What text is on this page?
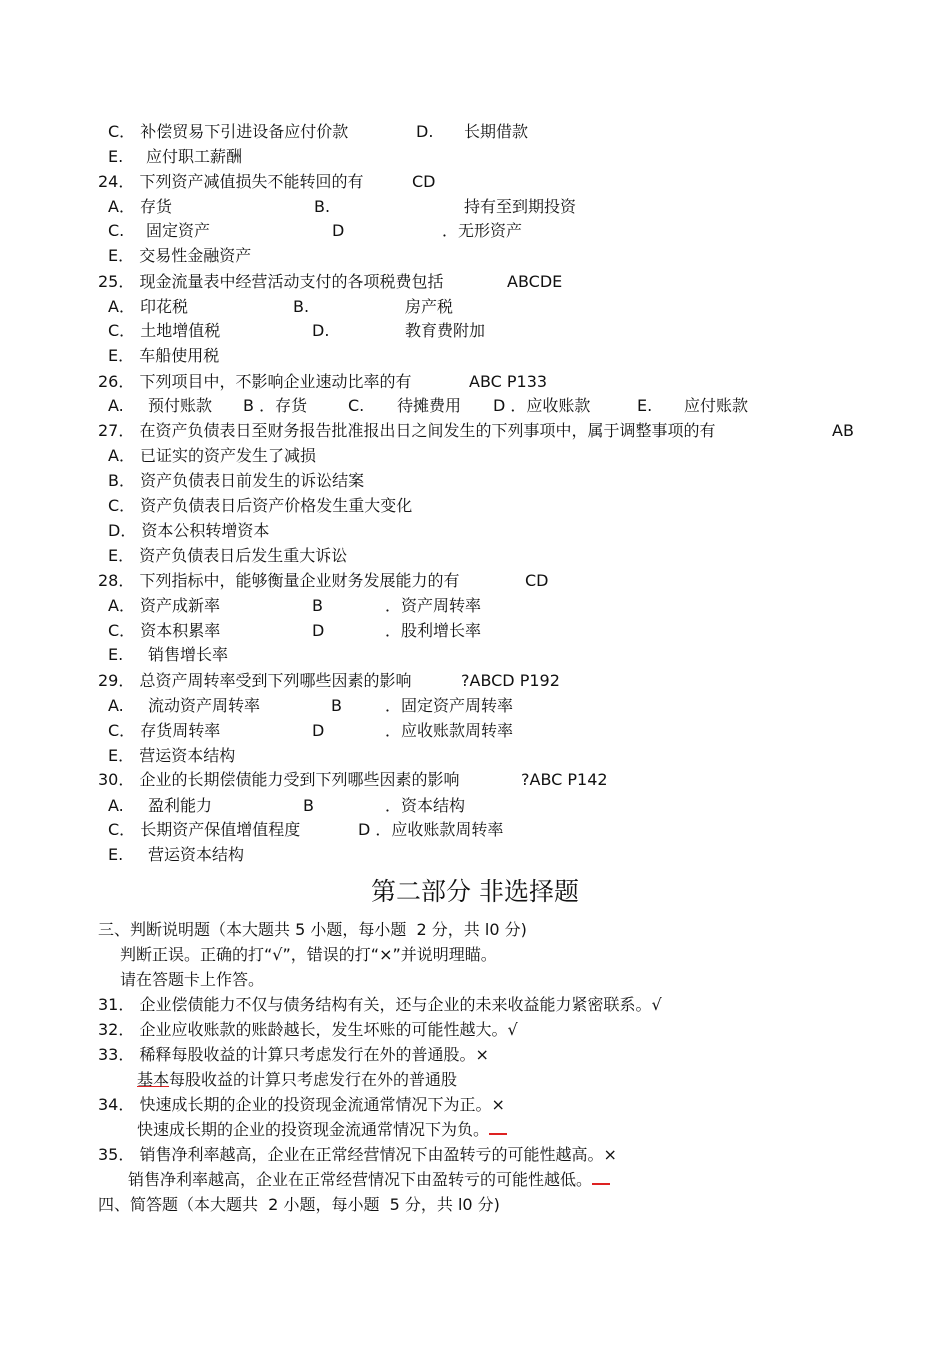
C． 补偿贸易下引进设备应付价款	D. 长期借款
E. 应付职工薪酬
24． 下列资产减值损失不能转回的有	CD
A． 存货	B.	持有至到期投资
C. 固定资产	D	．无形资产
E． 交易性金融资产
25． 现金流量表中经营活动支付的各项税费包括	ABCDE
A． 印花税	B.	房产税
C． 土地增值税	D.	教育费附加
E． 车船使用税
26． 下列项目中，不影响企业速动比率的有	ABC P133
A. 预付账款 B ．存货	C. 待摊费用 D ．应收账款	E. 应付账款
27． 在资产负债表日至财务报告批准报出日之间发生的下列事项中，属于调整事项的有	AB
A． 已证实的资产发生了减损
B． 资产负债表日前发生的诉讼结案
C． 资产负债表日后资产价格发生重大变化
D． 资本公积转增资本
E． 资产负债表日后发生重大诉讼
28． 下列指标中，能够衡量企业财务发展能力的有	CD
A． 资产成新率	B	．资产周转率
C． 资本积累率	D	．股利增长率
E. 销售增长率
29． 总资产周转率受到下列哪些因素的影响	?ABCD P192
A. 流动资产周转率	B	．固定资产周转率
C． 存货周转率	D	．应收账款周转率
E． 营运资本结构
30． 企业的长期偿债能力受到下列哪些因素的影响	?ABC P142
A. 盈利能力	B	．资本结构
C． 长期资产保值增值程度	D ．应收账款周转率
E. 营运资本结构
第二部分 非选择题
三、判断说明题（本大题共 5 小题，每小题  2 分，共 l0 分)
判断正误。正确的打“√”，错误的打“×”并说明理瞄。
请在答题卡上作答。
31． 企业偿债能力不仅与债务结构有关，还与企业的未来收益能力紧密联系。√
32． 企业应收账款的账龄越长，发生坏账的可能性越大。√
33． 稀释每股收益的计算只考虑发行在外的普通股。×
34． 快速成长期的企业的投资现金流通常情况下为正。×
35． 销售净利率越高，企业在正常经营情况下由盈转亏的可能性越高。×
基本每股收益的计算只考虑发行在外的普通股
快速成长期的企业的投资现金流通常情况下为负。
销售净利率越高，企业在正常经营情况下由盈转亏的可能性越低。
四、简答题（本大题共  2 小题，每小题  5 分，共 l0 分)
